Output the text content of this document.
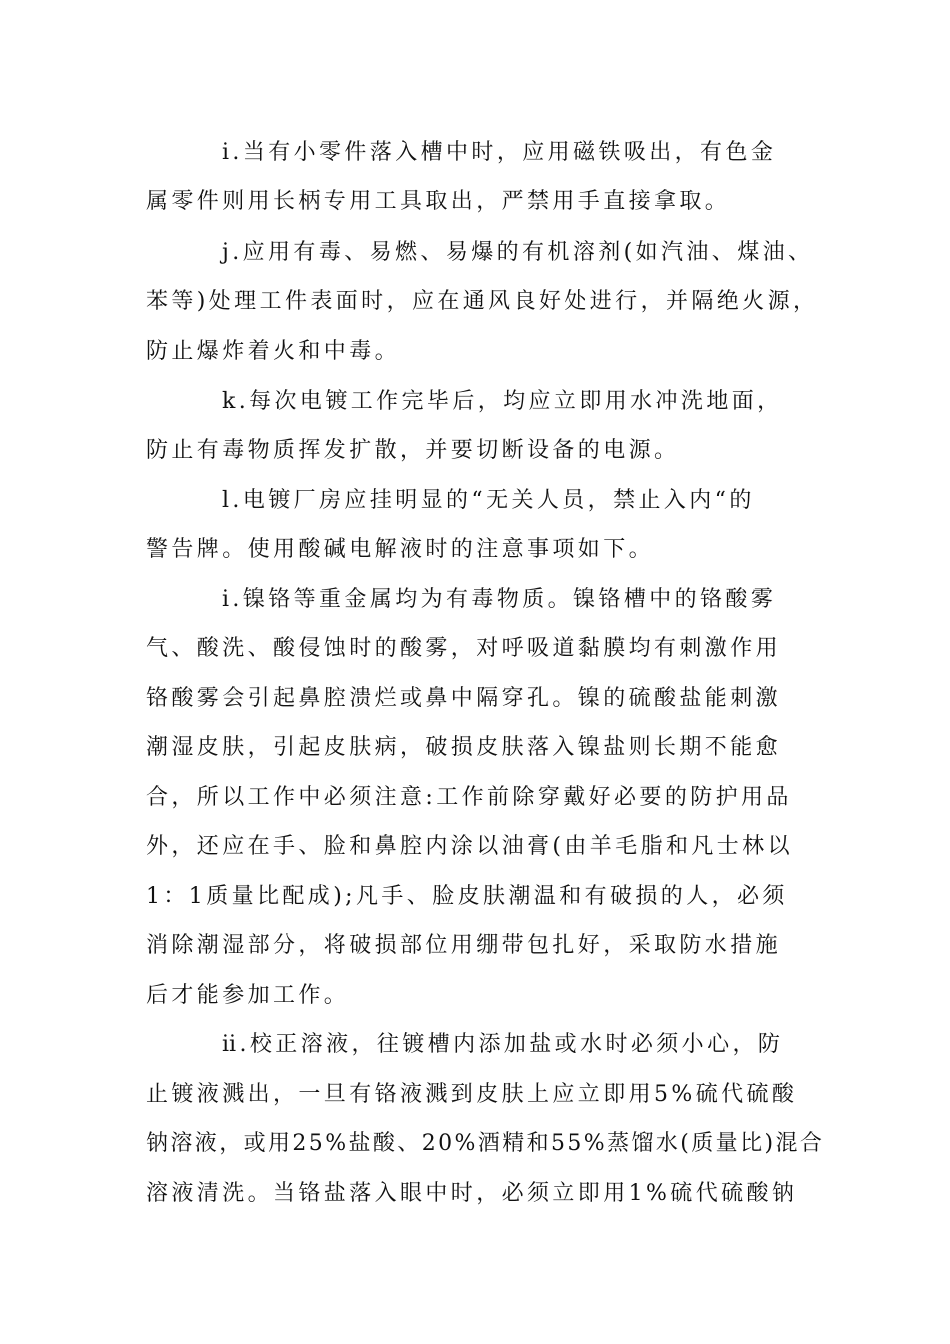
i.当有小零件落入槽中时，应用磁铁吸出，有色金
属零件则用长柄专用工具取出，严禁用手直接拿取。
j.应用有毒、易燃、易爆的有机溶剂(如汽油、煤油、
苯等)处理工件表面时，应在通风良好处进行，并隔绝火源，
防止爆炸着火和中毒。
k.每次电镀工作完毕后，均应立即用水冲洗地面，
防止有毒物质挥发扩散，并要切断设备的电源。
l.电镀厂房应挂明显的“无关人员，禁止入内“的
警告牌。使用酸碱电解液时的注意事项如下。
ⅰ.镍铬等重金属均为有毒物质。镍铬槽中的铬酸雾
气、酸洗、酸侵蚀时的酸雾，对呼吸道黏膜均有刺激作用
铬酸雾会引起鼻腔溃烂或鼻中隔穿孔。镍的硫酸盐能刺激
潮湿皮肤，引起皮肤病，破损皮肤落入镍盐则长期不能愈
合，所以工作中必须注意:工作前除穿戴好必要的防护用品
外，还应在手、脸和鼻腔内涂以油膏(由羊毛脂和凡士林以
1：1质量比配成);凡手、脸皮肤潮温和有破损的人，必须
消除潮湿部分，将破损部位用绷带包扎好，采取防水措施
后才能参加工作。
ⅱ.校正溶液，往镀槽内添加盐或水时必须小心，防
止镀液溅出，一旦有铬液溅到皮肤上应立即用5%硫代硫酸
钠溶液，或用25%盐酸、20%酒精和55%蒸馏水(质量比)混合
溶液清洗。当铬盐落入眼中时，必须立即用1%硫代硫酸钠
